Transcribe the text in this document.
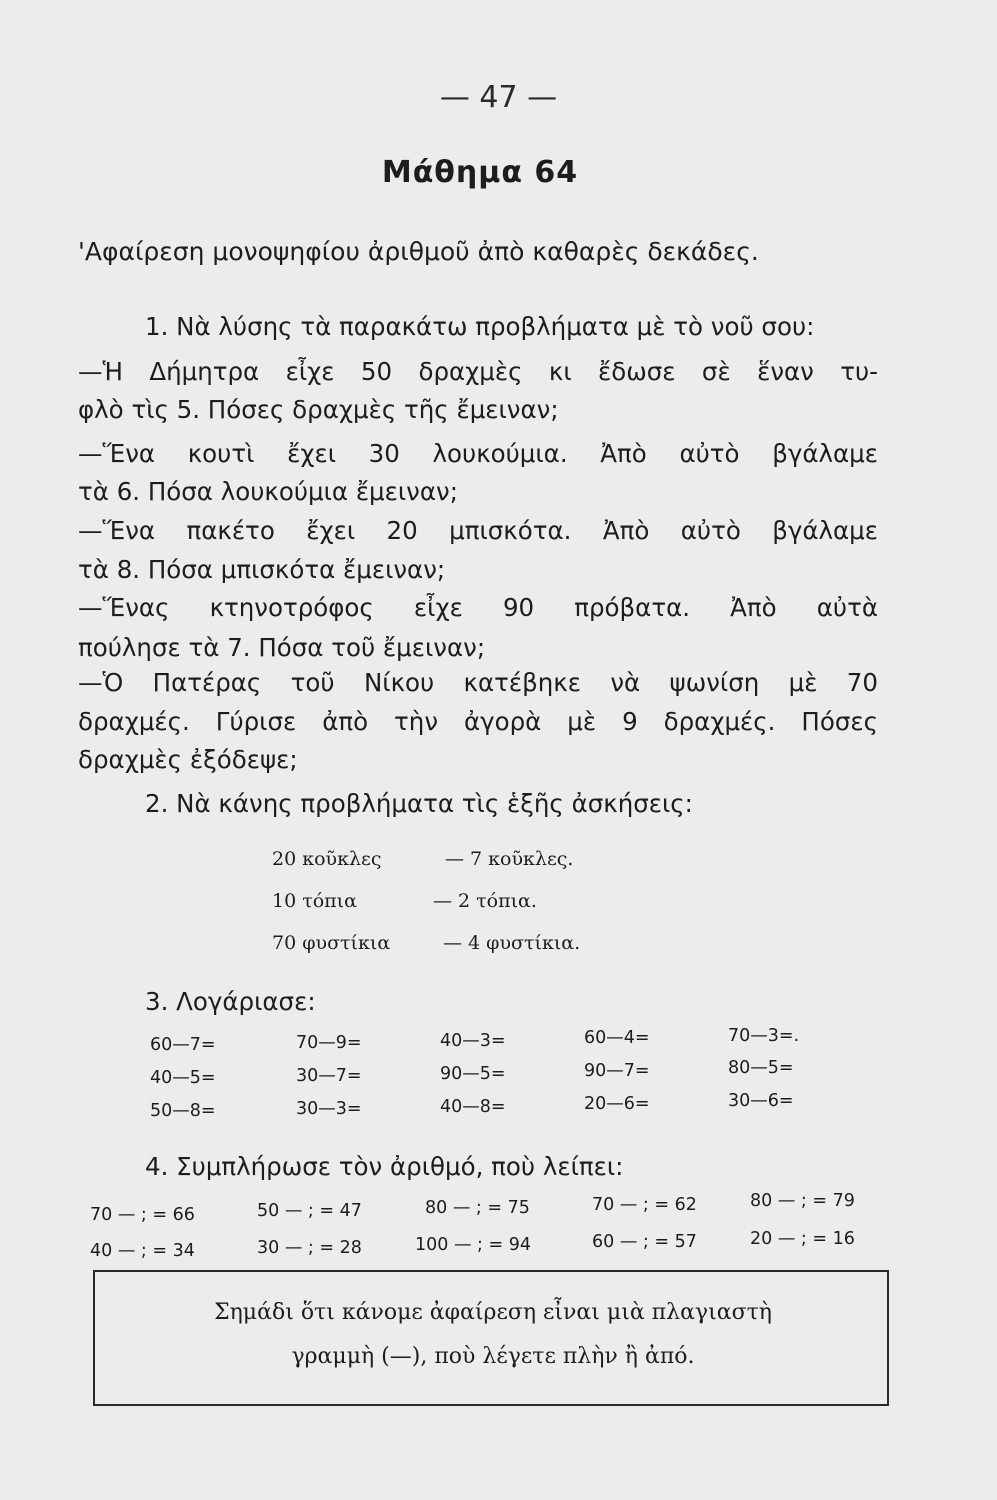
— 47 —
Μάθημα 64
'Αφαίρεση μονοψηφίου ἀριθμοῦ ἀπὸ καθαρὲς δεκάδες.
1. Νὰ λύσης τὰ παρακάτω προβλήματα μὲ τὸ νοῦ σου:
—Ἡ Δήμητρα εἶχε 50 δραχμὲς κι ἔδωσε σὲ ἕναν τυ-
φλὸ τὶς 5. Πόσες δραχμὲς τῆς ἔμειναν;
—Ἕνα κουτὶ ἔχει 30 λουκούμια. Ἀπὸ αὐτὸ βγάλαμε
τὰ 6. Πόσα λουκούμια ἔμειναν;
—Ἕνα πακέτο ἔχει 20 μπισκότα. Ἀπὸ αὐτὸ βγάλαμε
τὰ 8. Πόσα μπισκότα ἔμειναν;
—Ἕνας κτηνοτρόφος εἶχε 90 πρόβατα. Ἀπὸ αὐτὰ
πούλησε τὰ 7. Πόσα τοῦ ἔμειναν;
—Ὁ Πατέρας τοῦ Νίκου κατέβηκε νὰ ψωνίση μὲ 70
δραχμές. Γύρισε ἀπὸ τὴν ἀγορὰ μὲ 9 δραχμές. Πόσες
δραχμὲς ἐξόδεψε;
2. Νὰ κάνης προβλήματα τὶς ἑξῆς ἀσκήσεις:
20 κοῦκλες	— 7 κοῦκλες.
10 τόπια	— 2 τόπια.
70 φυστίκια	— 4 φυστίκια.
3. Λογάριασε:
60—7=	70—9=	40—3=	60—4=	70—3=.
40—5=	30—7=	90—5=	90—7=	80—5=
50—8=	30—3=	40—8=	20—6=	30—6=
4. Συμπλήρωσε τὸν ἀριθμό, ποὺ λείπει:
70 — ; = 66	50 — ; = 47	80 — ; = 75	70 — ; = 62	80 — ; = 79
40 — ; = 34	30 — ; = 28	100 — ; = 94	60 — ; = 57	20 — ; = 16
Σημάδι ὅτι κάνομε ἀφαίρεση εἶναι μιὰ πλαγιαστὴ
γραμμὴ (—), ποὺ λέγετε πλὴν ἢ ἀπό.
